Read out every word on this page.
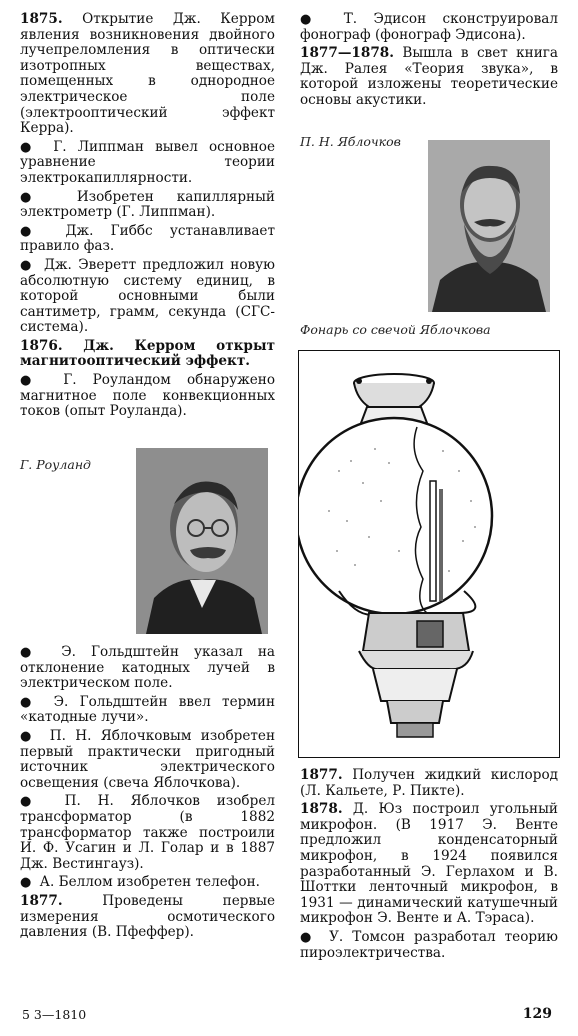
1875. Открытие Дж. Керром явления возникновения двойного лучепреломления в оптически изотропных веществах, помещенных в однородное электрическое поле (электрооптический эффект Керра).

● Г. Липпман вывел основное уравнение теории электрокапиллярности.

● Изобретен капиллярный электрометр (Г. Липпман).

● Дж. Гиббс устанавливает правило фаз.

● Дж. Эверетт предложил новую абсолютную систему единиц, в которой основными были сантиметр, грамм, секунда (СГС-система).

1876. Дж. Керром открыт магнитооптический эффект.

● Г. Роуландом обнаружено магнитное поле конвекционных токов (опыт Роуланда).

Г. Роуланд

● Э. Гольдштейн указал на отклонение катодных лучей в электрическом поле.

● Э. Гольдштейн ввел термин «катодные лучи».

● П. Н. Яблочковым изобретен первый практически пригодный источник электрического освещения (свеча Яблочкова).

● П. Н. Яблочков изобрел трансформатор (в 1882 трансформатор также построили И. Ф. Усагин и Л. Голар и в 1887 Дж. Вестингауз).

● А. Беллом изобретен телефон.

1877. Проведены первые измерения осмотического давления (В. Пфеффер).

● Т. Эдисон сконструировал фонограф (фонограф Эдисона).

1877—1878. Вышла в свет книга Дж. Ралея «Теория звука», в которой изложены теоретические основы акустики.

П. Н. Яблочков
Фонарь со свечой Яблочкова

1877. Получен жидкий кислород (Л. Кальете, Р. Пикте).

1878. Д. Юз построил угольный микрофон. (В 1917 Э. Венте предложил конденсаторный микрофон, в 1924 появился разработанный Э. Герлахом и В. Шоттки ленточный микрофон, в 1931 — динамический катушечный микрофон Э. Венте и А. Тэраса).

● У. Томсон разработал теорию пироэлектричества.

5 3—1810	129
